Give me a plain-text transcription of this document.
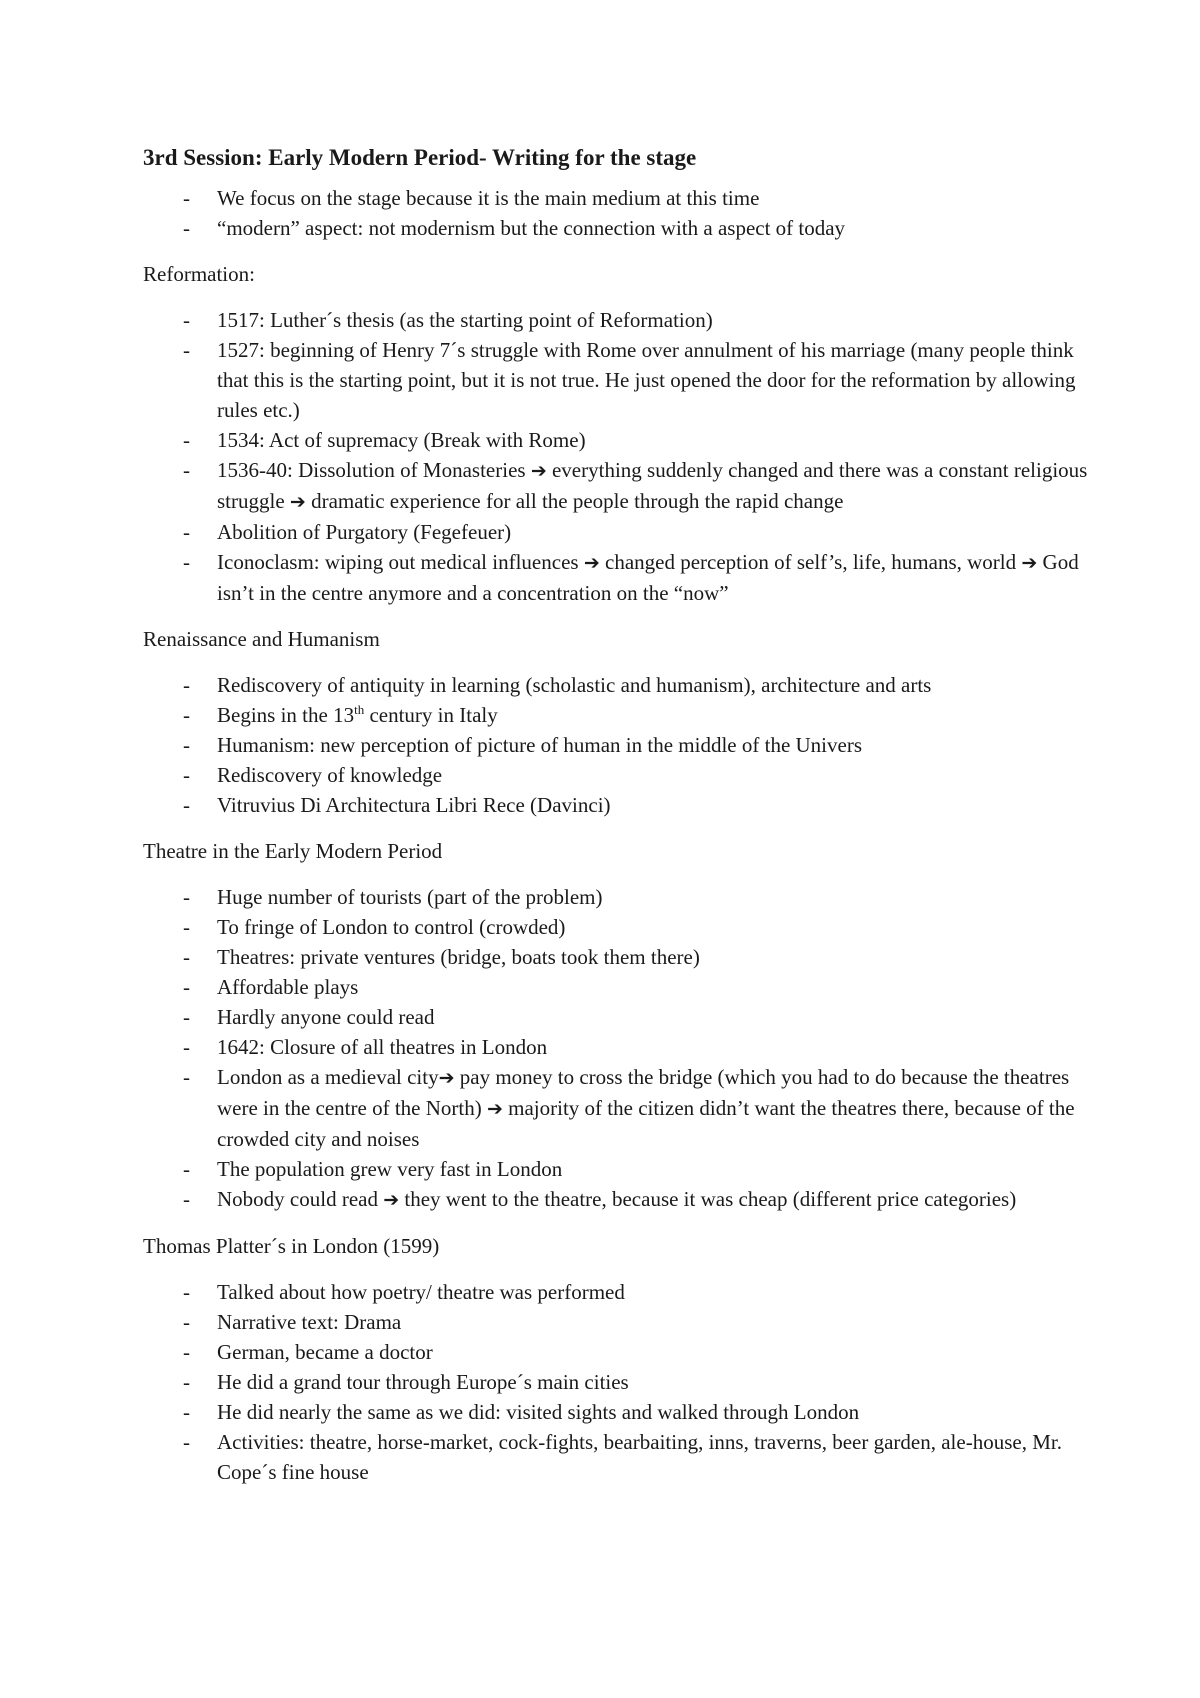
3rd Session: Early Modern Period- Writing for the stage
- We focus on the stage because it is the main medium at this time
- “modern” aspect: not modernism but the connection with a aspect of today
Reformation:
- 1517: Luther´s thesis (as the starting point of Reformation)
- 1527: beginning of Henry 7´s struggle with Rome over annulment of his marriage (many people think that this is the starting point, but it is not true. He just opened the door for the reformation by allowing rules etc.)
- 1534: Act of supremacy (Break with Rome)
- 1536-40: Dissolution of Monasteries ➔ everything suddenly changed and there was a constant religious struggle ➔ dramatic experience for all the people through the rapid change
- Abolition of Purgatory (Fegefeuer)
- Iconoclasm: wiping out medical influences ➔ changed perception of self’s, life, humans, world ➔ God isn’t in the centre anymore and a concentration on the “now”
Renaissance and Humanism
- Rediscovery of antiquity in learning (scholastic and humanism), architecture and arts
- Begins in the 13th century in Italy
- Humanism: new perception of picture of human in the middle of the Univers
- Rediscovery of knowledge
- Vitruvius Di Architectura Libri Rece (Davinci)
Theatre in the Early Modern Period
- Huge number of tourists (part of the problem)
- To fringe of London to control (crowded)
- Theatres: private ventures (bridge, boats took them there)
- Affordable plays
- Hardly anyone could read
- 1642: Closure of all theatres in London
- London as a medieval city➔ pay money to cross the bridge (which you had to do because the theatres were in the centre of the North) ➔ majority of the citizen didn’t want the theatres there, because of the crowded city and noises
- The population grew very fast in London
- Nobody could read ➔ they went to the theatre, because it was cheap (different price categories)
Thomas Platter´s in London (1599)
- Talked about how poetry/ theatre was performed
- Narrative text: Drama
- German, became a doctor
- He did a grand tour through Europe´s main cities
- He did nearly the same as we did: visited sights and walked through London
- Activities: theatre, horse-market, cock-fights, bearbaiting, inns, traverns, beer garden, ale-house, Mr. Cope´s fine house
